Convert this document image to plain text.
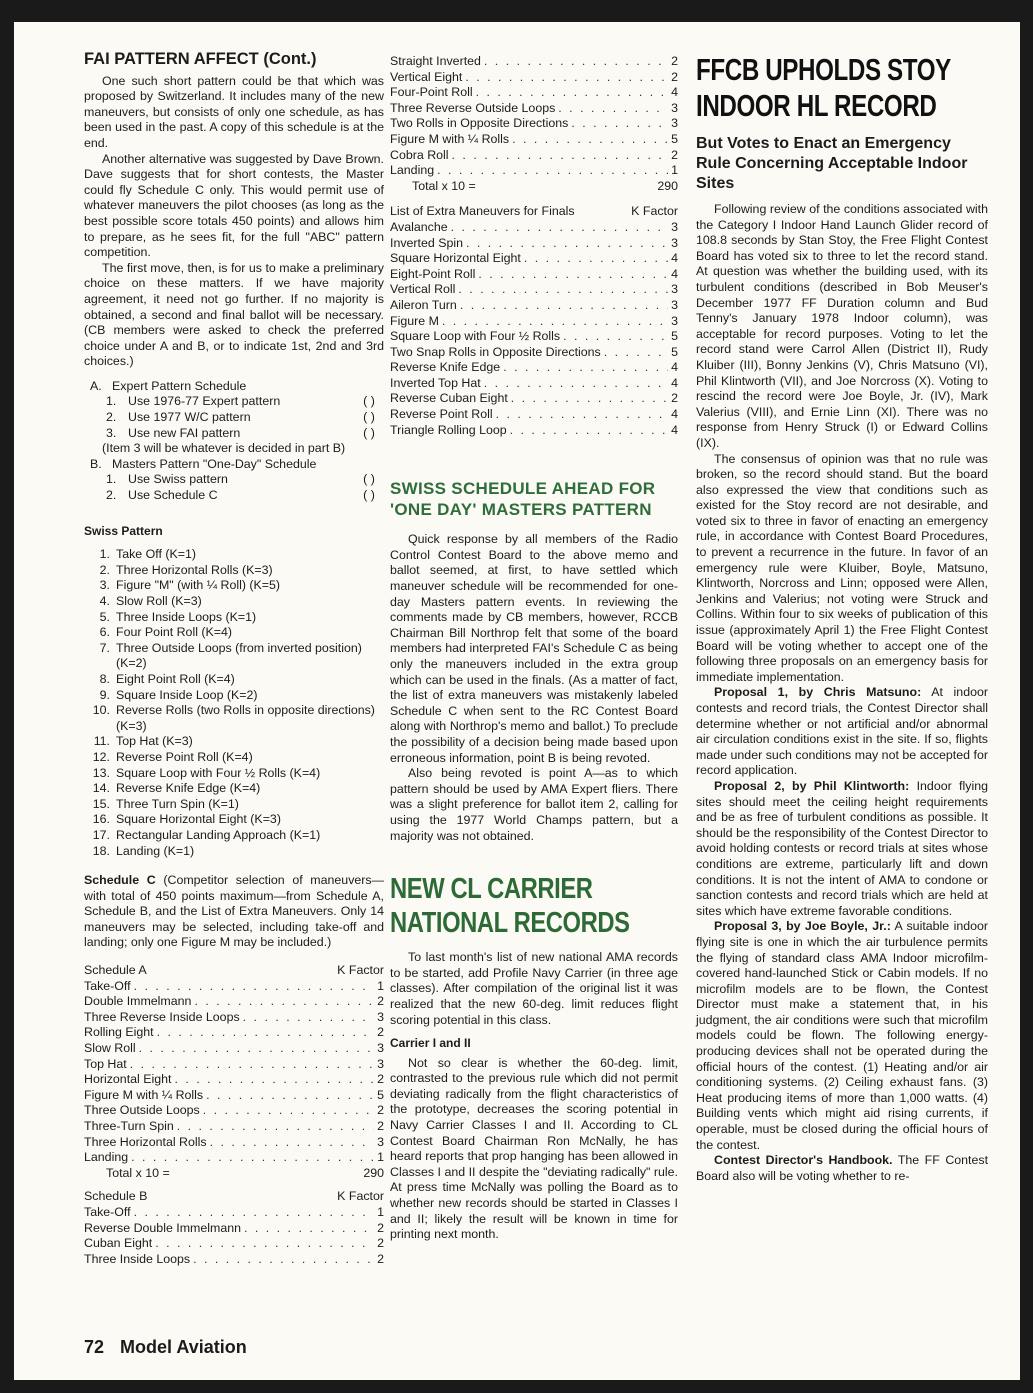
FAI PATTERN AFFECT (Cont.)

One such short pattern could be that which was proposed by Switzerland. It includes many of the new maneuvers, but consists of only one schedule, as has been used in the past. A copy of this schedule is at the end.

Another alternative was suggested by Dave Brown. Dave suggests that for short contests, the Master could fly Schedule C only. This would permit use of whatever maneuvers the pilot chooses (as long as the best possible score totals 450 points) and allows him to prepare, as he sees fit, for the full "ABC" pattern competition.

The first move, then, is for us to make a preliminary choice on these matters. If we have majority agreement, it need not go further. If no majority is obtained, a second and final ballot will be necessary. (CB members were asked to check the preferred choice under A and B, or to indicate 1st, 2nd and 3rd choices.)

A. Expert Pattern Schedule
1. Use 1976-77 Expert pattern	( )
2. Use 1977 W/C pattern	( )
3. Use new FAI pattern	( )
(Item 3 will be whatever is decided in part B)
B. Masters Pattern "One-Day" Schedule
1. Use Swiss pattern	( )
2. Use Schedule C	( )
Swiss Pattern
1. Take Off (K=1)
2. Three Horizontal Rolls (K=3)
3. Figure "M" (with ¼ Roll) (K=5)
4. Slow Roll (K=3)
5. Three Inside Loops (K=1)
6. Four Point Roll (K=4)
7. Three Outside Loops (from inverted position) (K=2)
8. Eight Point Roll (K=4)
9. Square Inside Loop (K=2)
10. Reverse Rolls (two Rolls in opposite directions) (K=3)
11. Top Hat (K=3)
12. Reverse Point Roll (K=4)
13. Square Loop with Four ½ Rolls (K=4)
14. Reverse Knife Edge (K=4)
15. Three Turn Spin (K=1)
16. Square Horizontal Eight (K=3)
17. Rectangular Landing Approach (K=1)
18. Landing (K=1)

Schedule C (Competitor selection of maneuvers—with total of 450 points maximum—from Schedule A, Schedule B, and the List of Extra Maneuvers. Only 14 maneuvers may be selected, including take-off and landing; only one Figure M may be included.)

Schedule A	K Factor
Take-Off . . .	1
Double Immelmann . . .	2
Three Reverse Inside Loops . . .	3
Rolling Eight . . .	2
Slow Roll . . .	3
Top Hat . . .	3
Horizontal Eight . . .	2
Figure M with ¼ Rolls . . .	5
Three Outside Loops . . .	2
Three-Turn Spin . . .	2
Three Horizontal Rolls . . .	3
Landing . . .	1
Total x 10 =	290
Schedule B	K Factor
Take-Off . . .	1
Reverse Double Immelmann . . .	2
Cuban Eight . . .	2
Three Inside Loops . . .	2
Straight Inverted . . .	2
Vertical Eight . . .	2
Four-Point Roll . . .	4
Three Reverse Outside Loops . . .	3
Two Rolls in Opposite Directions . . .	3
Figure M with ¼ Rolls . . .	5
Cobra Roll . . .	2
Landing . . .	1
Total x 10 =	290
List of Extra Maneuvers for Finals	K Factor
Avalanche . . .	3
Inverted Spin . . .	3
Square Horizontal Eight . . .	4
Eight-Point Roll . . .	4
Vertical Roll . . .	3
Aileron Turn . . .	3
Figure M . . .	3
Square Loop with Four ½ Rolls . . .	5
Two Snap Rolls in Opposite Directions . . .	5
Reverse Knife Edge . . .	4
Inverted Top Hat . . .	4
Reverse Cuban Eight . . .	2
Reverse Point Roll . . .	4
Triangle Rolling Loop . . .	4
SWISS SCHEDULE AHEAD FOR 'ONE DAY' MASTERS PATTERN

Quick response by all members of the Radio Control Contest Board to the above memo and ballot seemed, at first, to have settled which maneuver schedule will be recommended for one-day Masters pattern events. In reviewing the comments made by CB members, however, RCCB Chairman Bill Northrop felt that some of the board members had interpreted FAI's Schedule C as being only the maneuvers included in the extra group which can be used in the finals. (As a matter of fact, the list of extra maneuvers was mistakenly labeled Schedule C when sent to the RC Contest Board along with Northrop's memo and ballot.) To preclude the possibility of a decision being made based upon erroneous information, point B is being revoted.

Also being revoted is point A—as to which pattern should be used by AMA Expert fliers. There was a slight preference for ballot item 2, calling for using the 1977 World Champs pattern, but a majority was not obtained.

NEW CL CARRIER
NATIONAL RECORDS

To last month's list of new national AMA records to be started, add Profile Navy Carrier (in three age classes). After compilation of the original list it was realized that the new 60-deg. limit reduces flight scoring potential in this class.

Carrier I and II

Not so clear is whether the 60-deg. limit, contrasted to the previous rule which did not permit deviating radically from the flight characteristics of the prototype, decreases the scoring potential in Navy Carrier Classes I and II. According to CL Contest Board Chairman Ron McNally, he has heard reports that prop hanging has been allowed in Classes I and II despite the "deviating radically" rule. At press time McNally was polling the Board as to whether new records should be started in Classes I and II; likely the result will be known in time for printing next month.

FFCB UPHOLDS STOY
INDOOR HL RECORD
But Votes to Enact an Emergency Rule Concerning Acceptable Indoor Sites

Following review of the conditions associated with the Category I Indoor Hand Launch Glider record of 108.8 seconds by Stan Stoy, the Free Flight Contest Board has voted six to three to let the record stand. At question was whether the building used, with its turbulent conditions (described in Bob Meuser's December 1977 FF Duration column and Bud Tenny's January 1978 Indoor column), was acceptable for record purposes. Voting to let the record stand were Carrol Allen (District II), Rudy Kluiber (III), Bonny Jenkins (V), Chris Matsuno (VI), Phil Klintworth (VII), and Joe Norcross (X). Voting to rescind the record were Joe Boyle, Jr. (IV), Mark Valerius (VIII), and Ernie Linn (XI). There was no response from Henry Struck (I) or Edward Collins (IX).

The consensus of opinion was that no rule was broken, so the record should stand. But the board also expressed the view that conditions such as existed for the Stoy record are not desirable, and voted six to three in favor of enacting an emergency rule, in accordance with Contest Board Procedures, to prevent a recurrence in the future. In favor of an emergency rule were Kluiber, Boyle, Matsuno, Klintworth, Norcross and Linn; opposed were Allen, Jenkins and Valerius; not voting were Struck and Collins. Within four to six weeks of publication of this issue (approximately April 1) the Free Flight Contest Board will be voting whether to accept one of the following three proposals on an emergency basis for immediate implementation.

Proposal 1, by Chris Matsuno: At indoor contests and record trials, the Contest Director shall determine whether or not artificial and/or abnormal air circulation conditions exist in the site. If so, flights made under such conditions may not be accepted for record application.

Proposal 2, by Phil Klintworth: Indoor flying sites should meet the ceiling height requirements and be as free of turbulent conditions as possible. It should be the responsibility of the Contest Director to avoid holding contests or record trials at sites whose conditions are extreme, particularly lift and down conditions. It is not the intent of AMA to condone or sanction contests and record trials which are held at sites which have extreme favorable conditions.

Proposal 3, by Joe Boyle, Jr.: A suitable indoor flying site is one in which the air turbulence permits the flying of standard class AMA Indoor microfilm-covered hand-launched Stick or Cabin models. If no microfilm models are to be flown, the Contest Director must make a statement that, in his judgment, the air conditions were such that microfilm models could be flown. The following energy-producing devices shall not be operated during the official hours of the contest. (1) Heating and/or air conditioning systems. (2) Ceiling exhaust fans. (3) Heat producing items of more than 1,000 watts. (4) Building vents which might aid rising currents, if operable, must be closed during the official hours of the contest.

Contest Director's Handbook. The FF Contest Board also will be voting whether to re-

72 Model Aviation
